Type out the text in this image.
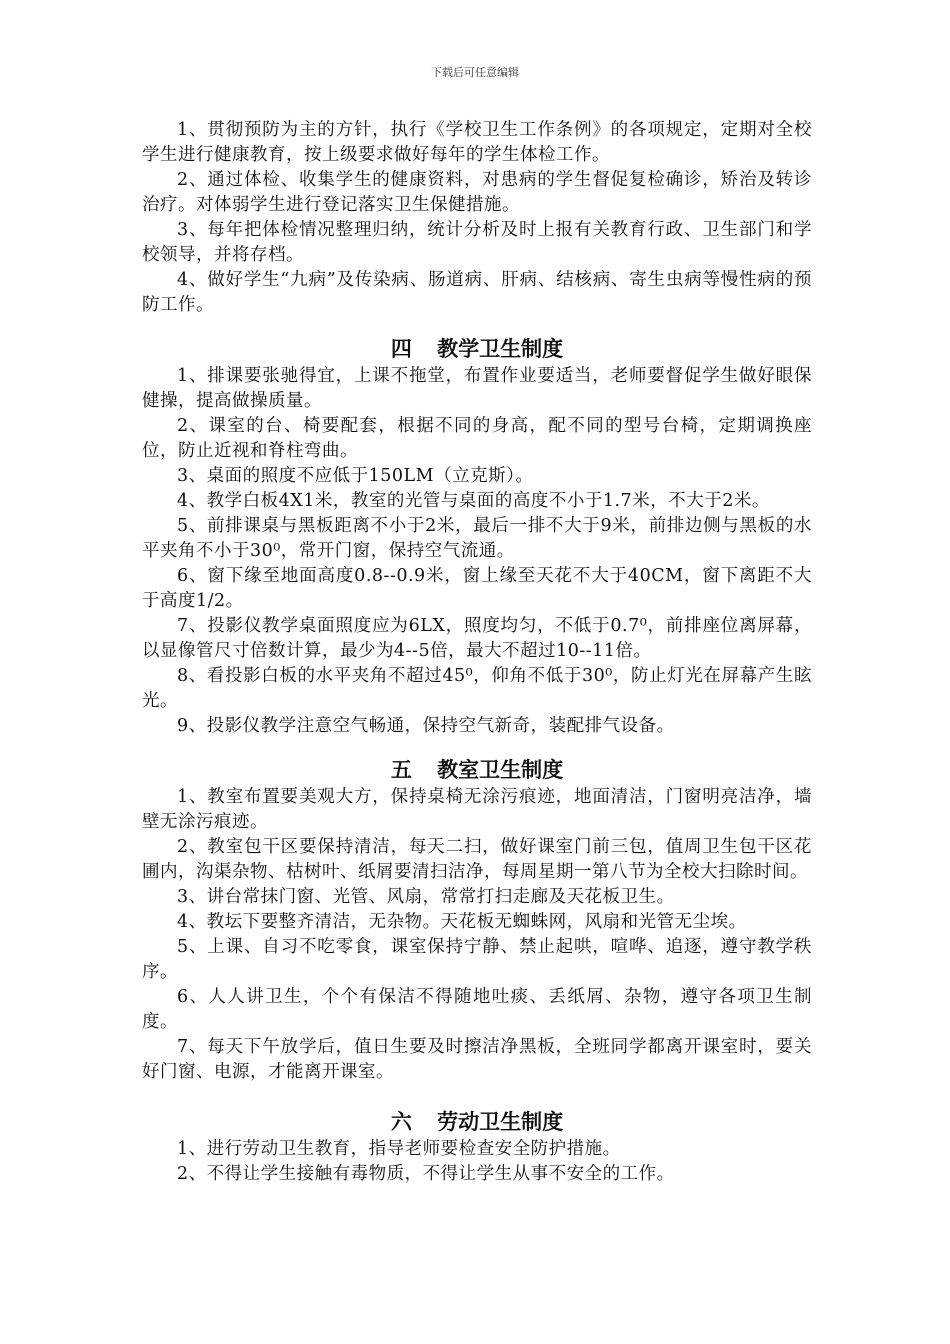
下载后可任意编辑

1、贯彻预防为主的方针，执行《学校卫生工作条例》的各项规定，定期对全校学生进行健康教育，按上级要求做好每年的学生体检工作。

2、通过体检、收集学生的健康资料，对患病的学生督促复检确诊，矫治及转诊治疗。对体弱学生进行登记落实卫生保健措施。

3、每年把体检情况整理归纳，统计分析及时上报有关教育行政、卫生部门和学校领导，并将存档。

4、做好学生“九病”及传染病、肠道病、肝病、结核病、寄生虫病等慢性病的预防工作。

四 教学卫生制度

1、排课要张驰得宜，上课不拖堂，布置作业要适当，老师要督促学生做好眼保健操，提高做操质量。

2、课室的台、椅要配套，根据不同的身高，配不同的型号台椅，定期调换座位，防止近视和脊柱弯曲。

3、桌面的照度不应低于150LM（立克斯）。

4、教学白板4X1米，教室的光管与桌面的高度不小于1.7米，不大于2米。

5、前排课桌与黑板距离不小于2米，最后一排不大于9米，前排边侧与黑板的水平夹角不小于30⁰，常开门窗，保持空气流通。

6、窗下缘至地面高度0.8--0.9米，窗上缘至天花不大于40CM，窗下离距不大于高度1/2。

7、投影仪教学桌面照度应为6LX，照度均匀，不低于0.7⁰，前排座位离屏幕，以显像管尺寸倍数计算，最少为4--5倍，最大不超过10--11倍。

8、看投影白板的水平夹角不超过45⁰，仰角不低于30⁰，防止灯光在屏幕产生眩光。

9、投影仪教学注意空气畅通，保持空气新奇，装配排气设备。

五 教室卫生制度

1、教室布置要美观大方，保持桌椅无涂污痕迹，地面清洁，门窗明亮洁净，墙壁无涂污痕迹。

2、教室包干区要保持清洁，每天二扫，做好课室门前三包，值周卫生包干区花圃内，沟渠杂物、枯树叶、纸屑要清扫洁净，每周星期一第八节为全校大扫除时间。

3、讲台常抹门窗、光管、风扇，常常打扫走廊及天花板卫生。

4、教坛下要整齐清洁，无杂物。天花板无蜘蛛网，风扇和光管无尘埃。

5、上课、自习不吃零食，课室保持宁静、禁止起哄，喧哗、追逐，遵守教学秩序。

6、人人讲卫生，个个有保洁不得随地吐痰、丢纸屑、杂物，遵守各项卫生制度。

7、每天下午放学后，值日生要及时擦洁净黑板，全班同学都离开课室时，要关好门窗、电源，才能离开课室。

六 劳动卫生制度

1、进行劳动卫生教育，指导老师要检查安全防护措施。

2、不得让学生接触有毒物质，不得让学生从事不安全的工作。
